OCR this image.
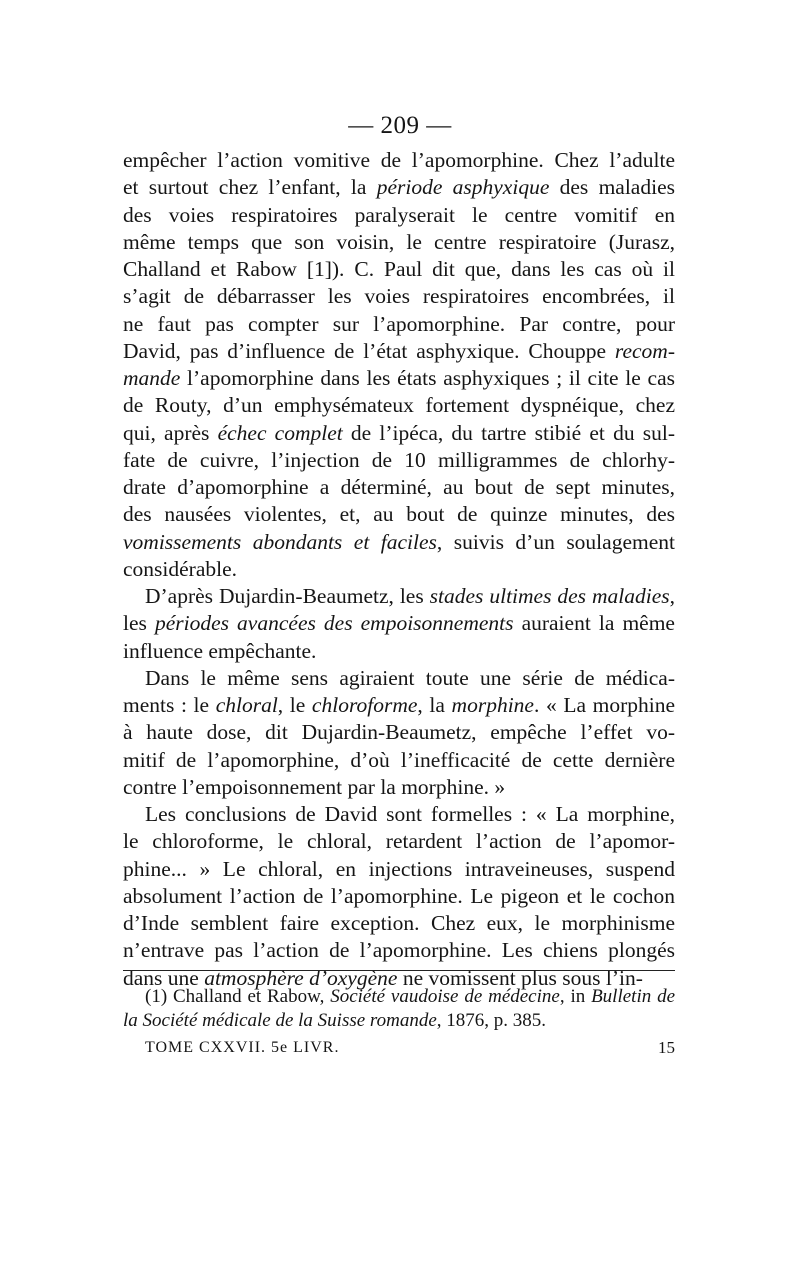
— 209 —
empêcher l’action vomitive de l’apomorphine. Chez l’adulte
et surtout chez l’enfant, la période asphyxique des maladies
des voies respiratoires paralyserait le centre vomitif en
même temps que son voisin, le centre respiratoire (Jurasz,
Challand et Rabow [1]). C. Paul dit que, dans les cas où il
s’agit de débarrasser les voies respiratoires encombrées, il
ne faut pas compter sur l’apomorphine. Par contre, pour
David, pas d’influence de l’état asphyxique. Chouppe recom-
mande l’apomorphine dans les états asphyxiques ; il cite le cas
de Routy, d’un emphysémateux fortement dyspnéique, chez
qui, après échec complet de l’ipéca, du tartre stibié et du sul-
fate de cuivre, l’injection de 10 milligrammes de chlorhy-
drate d’apomorphine a déterminé, au bout de sept minutes,
des nausées violentes, et, au bout de quinze minutes, des
vomissements abondants et faciles, suivis d’un soulagement
considérable.
D’après Dujardin-Beaumetz, les stades ultimes des maladies,
les périodes avancées des empoisonnements auraient la même
influence empêchante.
Dans le même sens agiraient toute une série de médica-
ments : le chloral, le chloroforme, la morphine. « La morphine
à haute dose, dit Dujardin-Beaumetz, empêche l’effet vo-
mitif de l’apomorphine, d’où l’inefficacité de cette dernière
contre l’empoisonnement par la morphine. »
Les conclusions de David sont formelles : « La morphine,
le chloroforme, le chloral, retardent l’action de l’apomor-
phine... » Le chloral, en injections intraveineuses, suspend
absolument l’action de l’apomorphine. Le pigeon et le cochon
d’Inde semblent faire exception. Chez eux, le morphinisme
n’entrave pas l’action de l’apomorphine. Les chiens plongés
dans une atmosphère d’oxygène ne vomissent plus sous l’in-
(1) Challand et Rabow, Société vaudoise de médecine, in Bulletin de
la Société médicale de la Suisse romande, 1876, p. 385.
TOME CXXVII. 5e LIVR.	15
